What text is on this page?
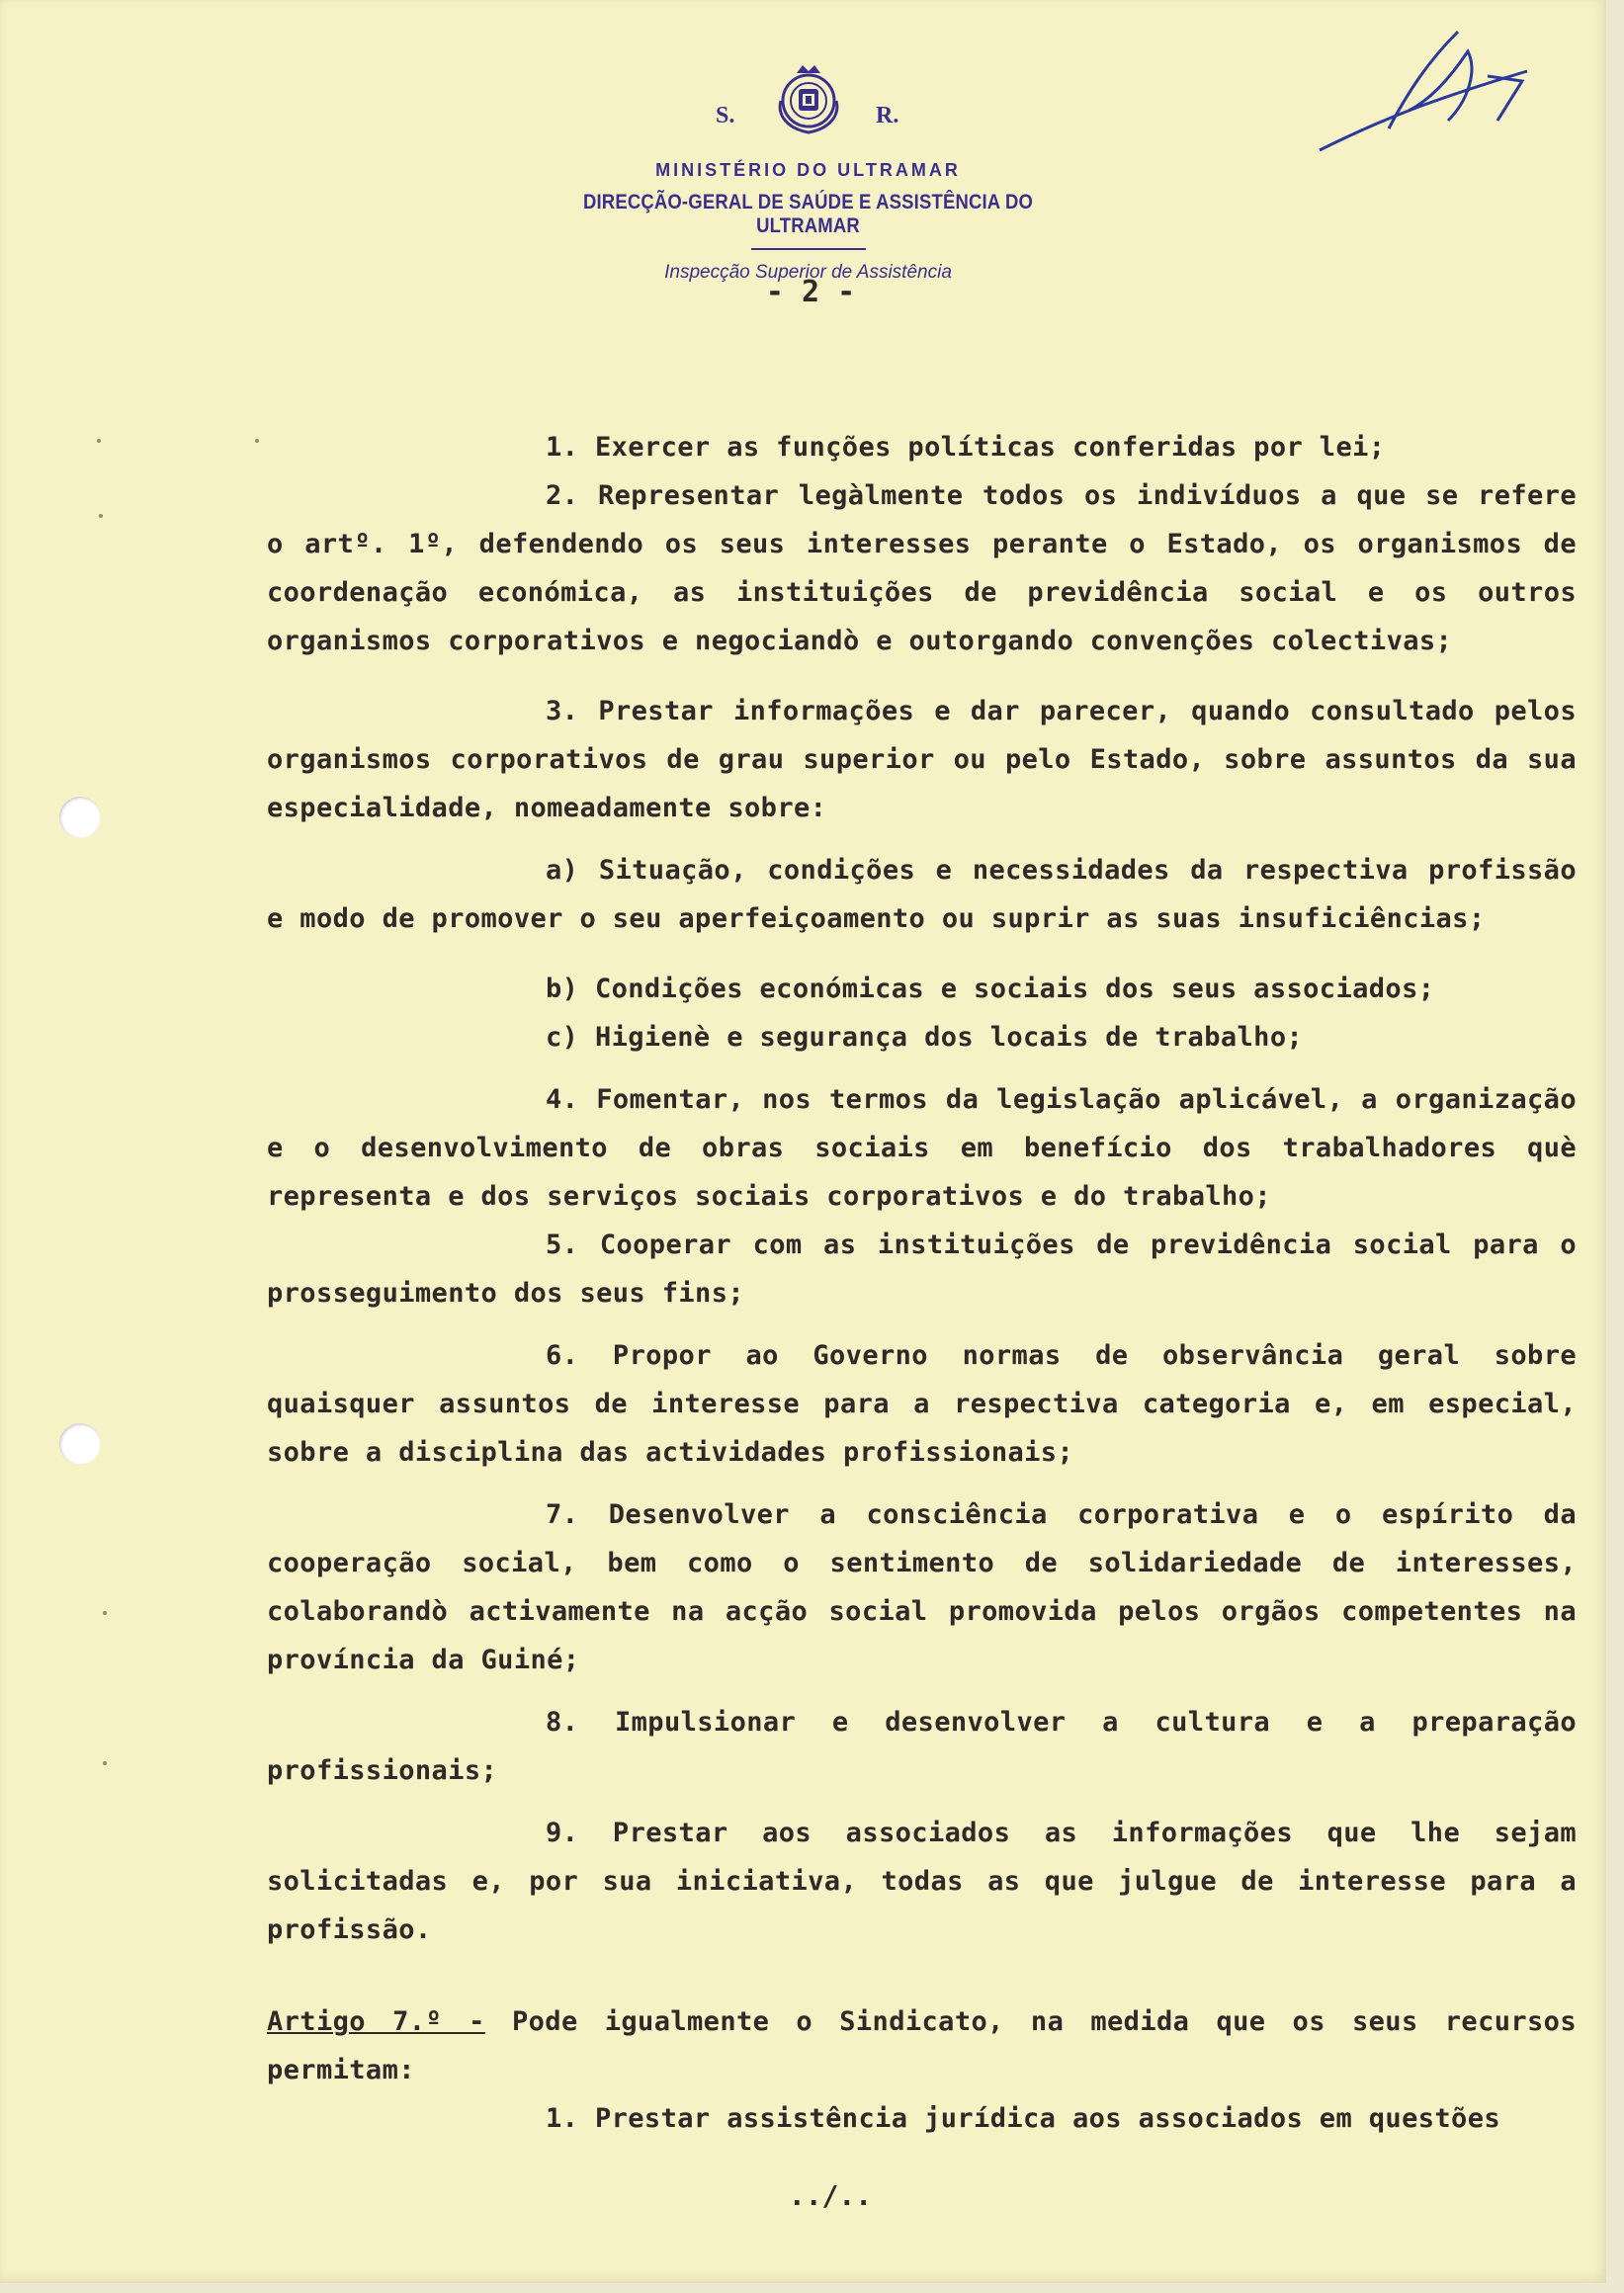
S.	R.
MINISTÉRIO DO ULTRAMAR
DIRECÇÃO-GERAL DE SAÚDE E ASSISTÊNCIA DO ULTRAMAR
Inspecção Superior de Assistência
- 2 -

1. Exercer as funções políticas conferidas por lei;

2. Representar legàlmente todos os indivíduos a que se refere o artº. 1º, defendendo os seus interesses perante o Estado, os organismos de coordenação económica, as instituições de previdência social e os outros organismos corporativos e negociandò e outorgando convenções colectivas;

3. Prestar informações e dar parecer, quando consultado pelos organismos corporativos de grau superior ou pelo Estado, sobre assuntos da sua especialidade, nomeadamente sobre:

a) Situação, condições e necessidades da respectiva profissão e modo de promover o seu aperfeiçoamento ou suprir as suas insuficiências;

b) Condições económicas e sociais dos seus associados;

c) Higienè e segurança dos locais de trabalho;

4. Fomentar, nos termos da legislação aplicável, a organização e o desenvolvimento de obras sociais em benefício dos trabalhadores què representa e dos serviços sociais corporativos e do trabalho;

5. Cooperar com as instituições de previdência social para o prosseguimento dos seus fins;

6. Propor ao Governo normas de observância geral sobre quaisquer assuntos de interesse para a respectiva categoria e, em especial, sobre a disciplina das actividades profissionais;

7. Desenvolver a consciência corporativa e o espírito da cooperação social, bem como o sentimento de solidariedade de interesses, colaborandò activamente na acção social promovida pelos orgãos competentes na província da Guiné;

8. Impulsionar e desenvolver a cultura e a preparação profissionais;

9. Prestar aos associados as informações que lhe sejam solicitadas e, por sua iniciativa, todas as que julgue de interesse para a profissão.

Artigo 7.º - Pode igualmente o Sindicato, na medida que os seus recursos permitam:

1. Prestar assistência jurídica aos associados em questões

../..
